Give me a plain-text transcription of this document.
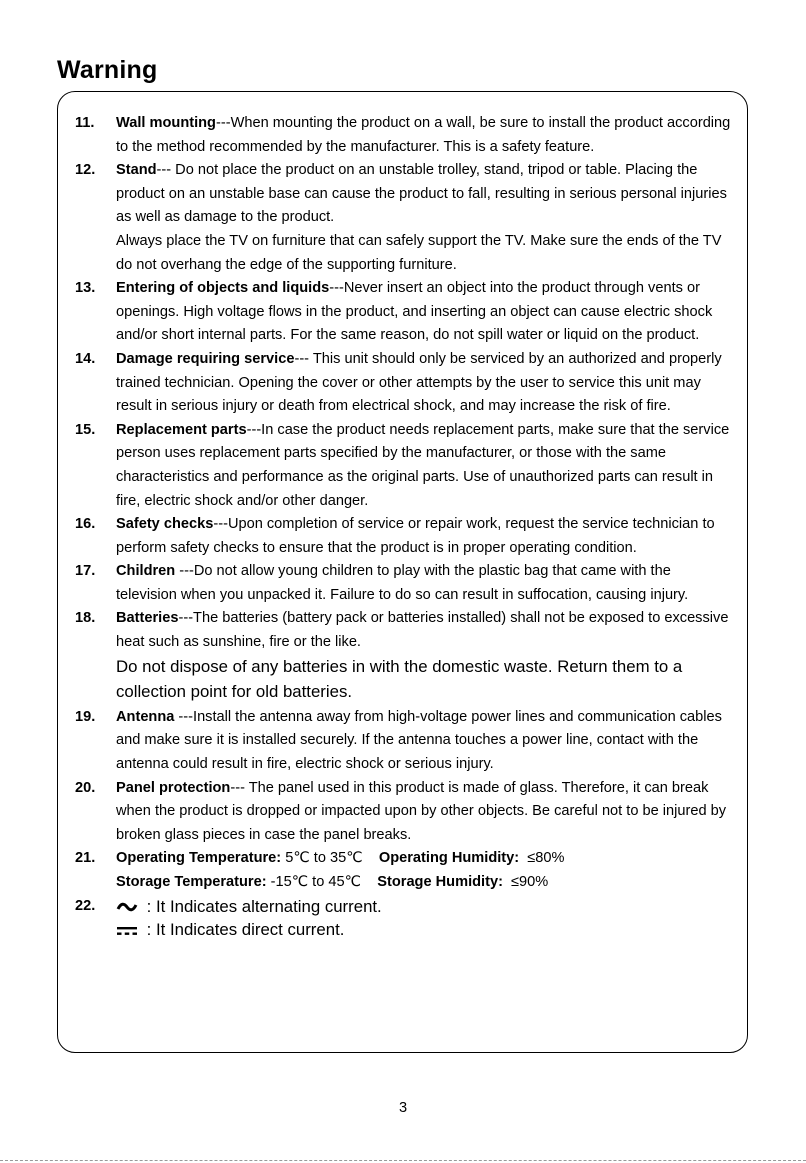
Warning
11. Wall mounting---When mounting the product on a wall, be sure to install the product according to the method recommended by the manufacturer. This is a safety feature.
12. Stand--- Do not place the product on an unstable trolley, stand, tripod or table. Placing the product on an unstable base can cause the product to fall, resulting in serious personal injuries as well as damage to the product.
Always place the TV on furniture that can safely support the TV. Make sure the ends of the TV do not overhang the edge of the supporting furniture.
13. Entering of objects and liquids---Never insert an object into the product through vents or openings. High voltage flows in the product, and inserting an object can cause electric shock and/or short internal parts. For the same reason, do not spill water or liquid on the product.
14. Damage requiring service--- This unit should only be serviced by an authorized and properly trained technician. Opening the cover or other attempts by the user to service this unit may result in serious injury or death from electrical shock, and may increase the risk of fire.
15. Replacement parts---In case the product needs replacement parts, make sure that the service person uses replacement parts specified by the manufacturer, or those with the same characteristics and performance as the original parts. Use of unauthorized parts can result in fire, electric shock and/or other danger.
16. Safety checks---Upon completion of service or repair work, request the service technician to perform safety checks to ensure that the product is in proper operating condition.
17. Children ---Do not allow young children to play with the plastic bag that came with the television when you unpacked it. Failure to do so can result in suffocation, causing injury.
18. Batteries---The batteries (battery pack or batteries installed) shall not be exposed to excessive heat such as sunshine, fire or the like.
Do not dispose of any batteries in with the domestic waste. Return them to a collection point for old batteries.
19. Antenna ---Install the antenna away from high-voltage power lines and communication cables and make sure it is installed securely. If the antenna touches a power line, contact with the antenna could result in fire, electric shock or serious injury.
20. Panel protection--- The panel used in this product is made of glass. Therefore, it can break when the product is dropped or impacted upon by other objects. Be careful not to be injured by broken glass pieces in case the panel breaks.
21. Operating Temperature: 5℃ to 35℃ Operating Humidity: ≤80%
Storage Temperature: -15℃ to 45℃ Storage Humidity: ≤90%
22.	: It Indicates alternating current.
: It Indicates direct current.
3
